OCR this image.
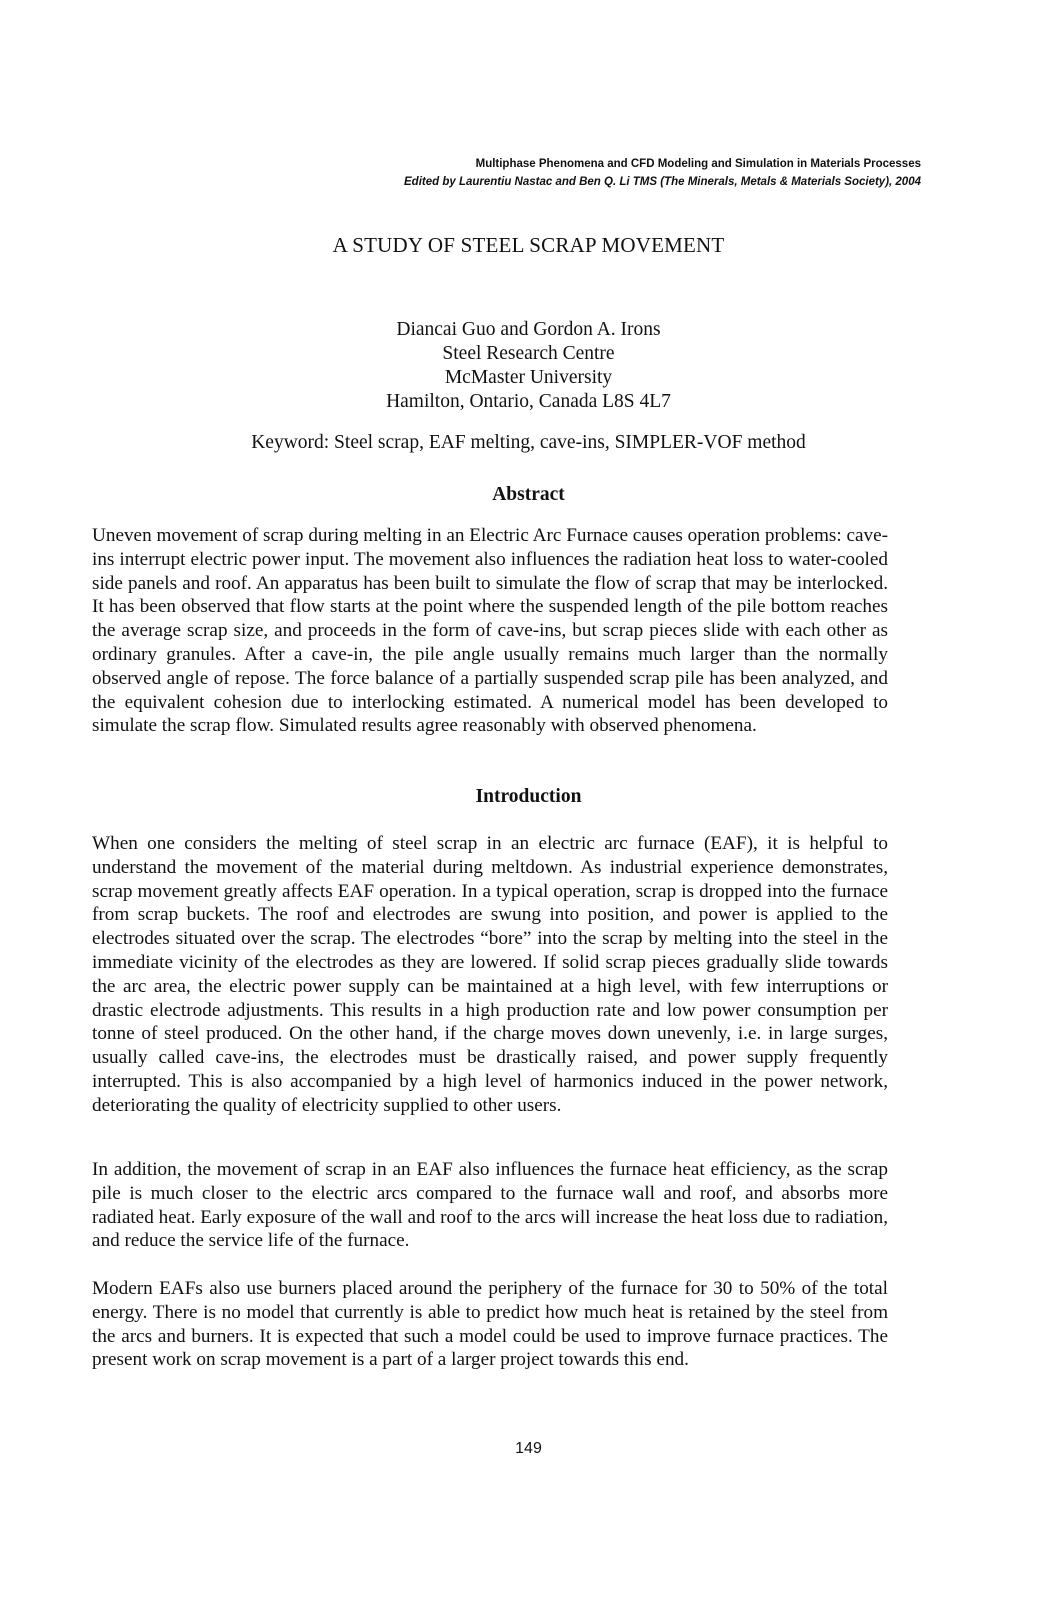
Multiphase Phenomena and CFD Modeling and Simulation in Materials Processes
Edited by Laurentiu Nastac and Ben Q. Li TMS (The Minerals, Metals & Materials Society), 2004
A STUDY OF STEEL SCRAP MOVEMENT
Diancai Guo and Gordon A. Irons
Steel Research Centre
McMaster University
Hamilton, Ontario, Canada L8S 4L7
Keyword: Steel scrap, EAF melting, cave-ins, SIMPLER-VOF method
Abstract

Uneven movement of scrap during melting in an Electric Arc Furnace causes operation problems: cave-ins interrupt electric power input. The movement also influences the radiation heat loss to water-cooled side panels and roof. An apparatus has been built to simulate the flow of scrap that may be interlocked. It has been observed that flow starts at the point where the suspended length of the pile bottom reaches the average scrap size, and proceeds in the form of cave-ins, but scrap pieces slide with each other as ordinary granules. After a cave-in, the pile angle usually remains much larger than the normally observed angle of repose. The force balance of a partially suspended scrap pile has been analyzed, and the equivalent cohesion due to interlocking estimated. A numerical model has been developed to simulate the scrap flow. Simulated results agree reasonably with observed phenomena.

Introduction

When one considers the melting of steel scrap in an electric arc furnace (EAF), it is helpful to understand the movement of the material during meltdown. As industrial experience demonstrates, scrap movement greatly affects EAF operation. In a typical operation, scrap is dropped into the furnace from scrap buckets. The roof and electrodes are swung into position, and power is applied to the electrodes situated over the scrap. The electrodes “bore” into the scrap by melting into the steel in the immediate vicinity of the electrodes as they are lowered. If solid scrap pieces gradually slide towards the arc area, the electric power supply can be maintained at a high level, with few interruptions or drastic electrode adjustments. This results in a high production rate and low power consumption per tonne of steel produced. On the other hand, if the charge moves down unevenly, i.e. in large surges, usually called cave-ins, the electrodes must be drastically raised, and power supply frequently interrupted. This is also accompanied by a high level of harmonics induced in the power network, deteriorating the quality of electricity supplied to other users.

In addition, the movement of scrap in an EAF also influences the furnace heat efficiency, as the scrap pile is much closer to the electric arcs compared to the furnace wall and roof, and absorbs more radiated heat. Early exposure of the wall and roof to the arcs will increase the heat loss due to radiation, and reduce the service life of the furnace.

Modern EAFs also use burners placed around the periphery of the furnace for 30 to 50% of the total energy. There is no model that currently is able to predict how much heat is retained by the steel from the arcs and burners. It is expected that such a model could be used to improve furnace practices. The present work on scrap movement is a part of a larger project towards this end.

149
